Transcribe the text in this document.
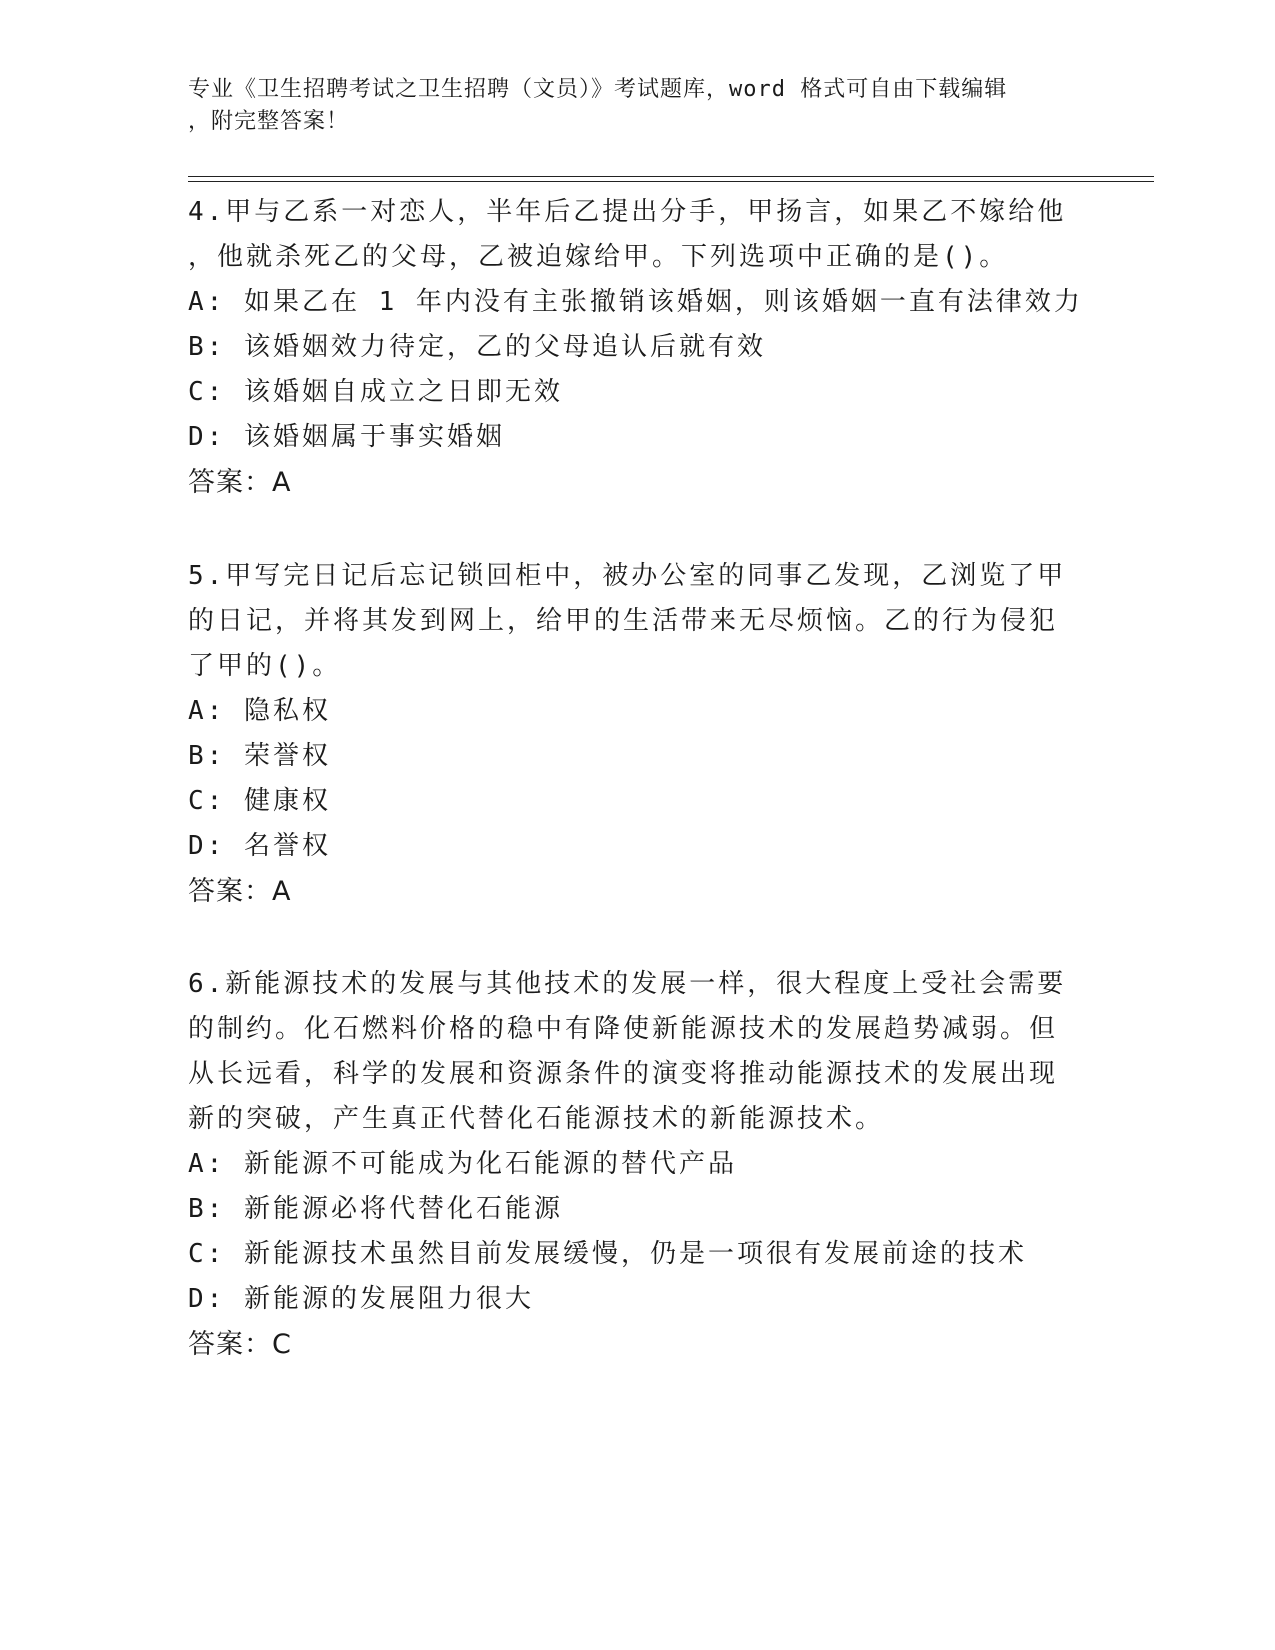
专业《卫生招聘考试之卫生招聘（文员）》考试题库，word 格式可自由下载编辑
，附完整答案！
4.甲与乙系一对恋人，半年后乙提出分手，甲扬言，如果乙不嫁给他
，他就杀死乙的父母，乙被迫嫁给甲。下列选项中正确的是()。
A: 如果乙在 1 年内没有主张撤销该婚姻，则该婚姻一直有法律效力
B: 该婚姻效力待定，乙的父母追认后就有效
C: 该婚姻自成立之日即无效
D: 该婚姻属于事实婚姻
答案：A
5.甲写完日记后忘记锁回柜中，被办公室的同事乙发现，乙浏览了甲
的日记，并将其发到网上，给甲的生活带来无尽烦恼。乙的行为侵犯
了甲的()。
A: 隐私权
B: 荣誉权
C: 健康权
D: 名誉权
答案：A
6.新能源技术的发展与其他技术的发展一样，很大程度上受社会需要
的制约。化石燃料价格的稳中有降使新能源技术的发展趋势减弱。但
从长远看，科学的发展和资源条件的演变将推动能源技术的发展出现
新的突破，产生真正代替化石能源技术的新能源技术。
A: 新能源不可能成为化石能源的替代产品
B: 新能源必将代替化石能源
C: 新能源技术虽然目前发展缓慢，仍是一项很有发展前途的技术
D: 新能源的发展阻力很大
答案：C
